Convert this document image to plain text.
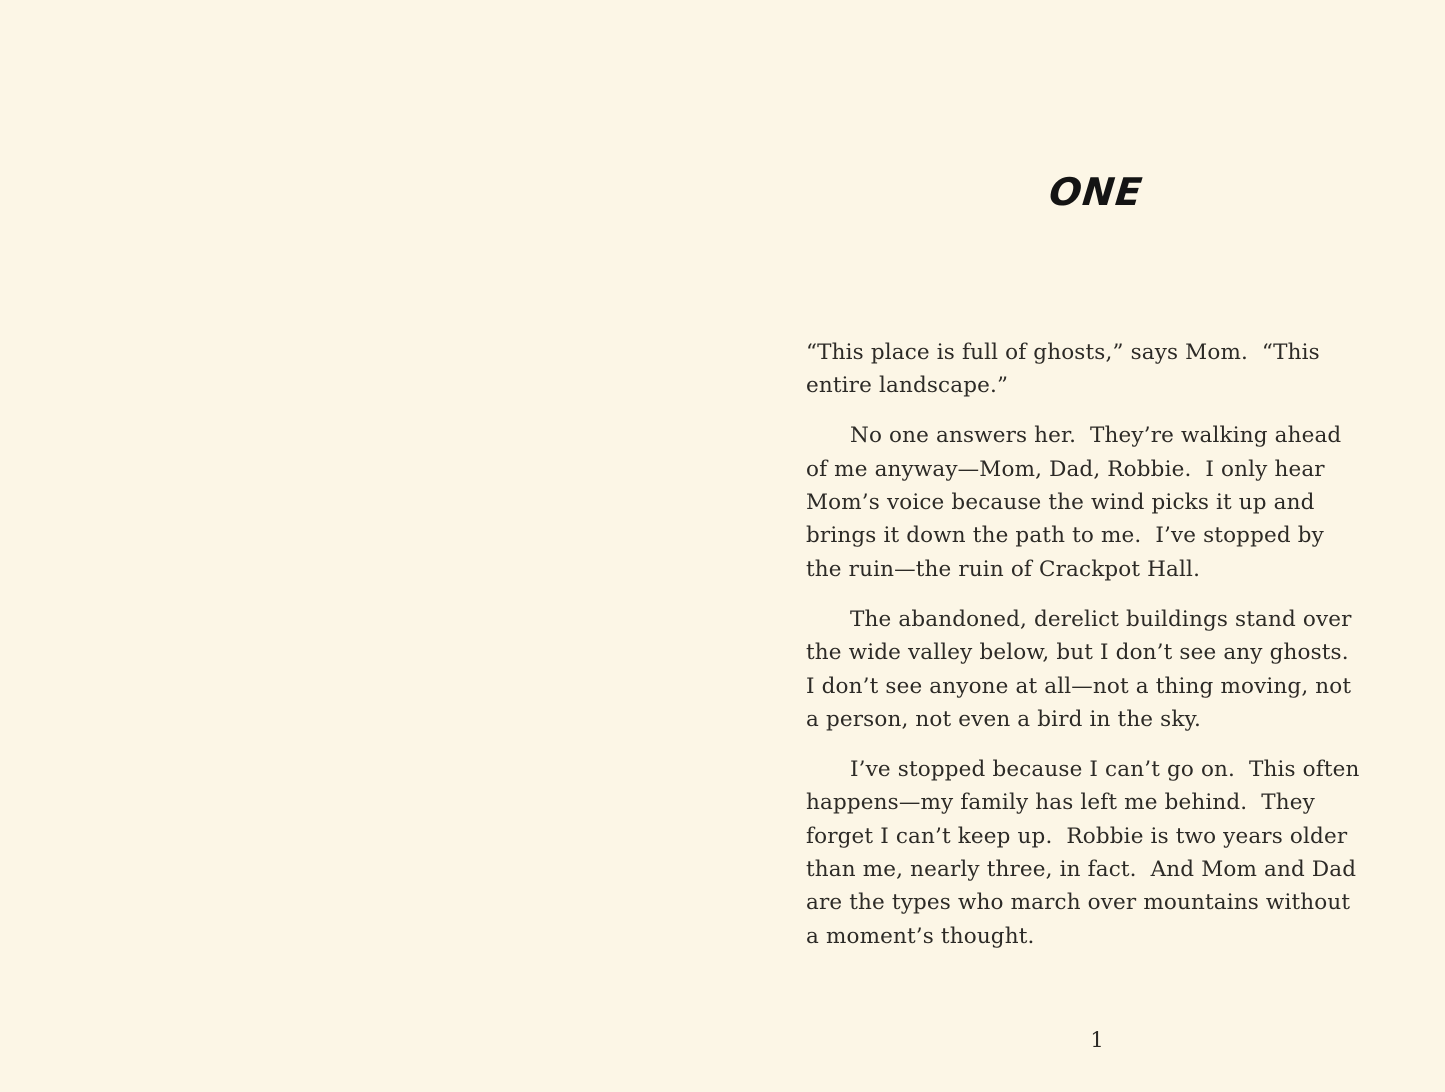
ONE
“This place is full of ghosts,” says Mom.  “This
entire landscape.”
No one answers her.  They’re walking ahead
of me anyway—Mom, Dad, Robbie.  I only hear
Mom’s voice because the wind picks it up and
brings it down the path to me.  I’ve stopped by
the ruin—the ruin of Crackpot Hall.
The abandoned, derelict buildings stand over
the wide valley below, but I don’t see any ghosts.
I don’t see anyone at all—not a thing moving, not
a person, not even a bird in the sky.
I’ve stopped because I can’t go on.  This often
happens—my family has left me behind.  They
forget I can’t keep up.  Robbie is two years older
than me, nearly three, in fact.  And Mom and Dad
are the types who march over mountains without
a moment’s thought.
1
